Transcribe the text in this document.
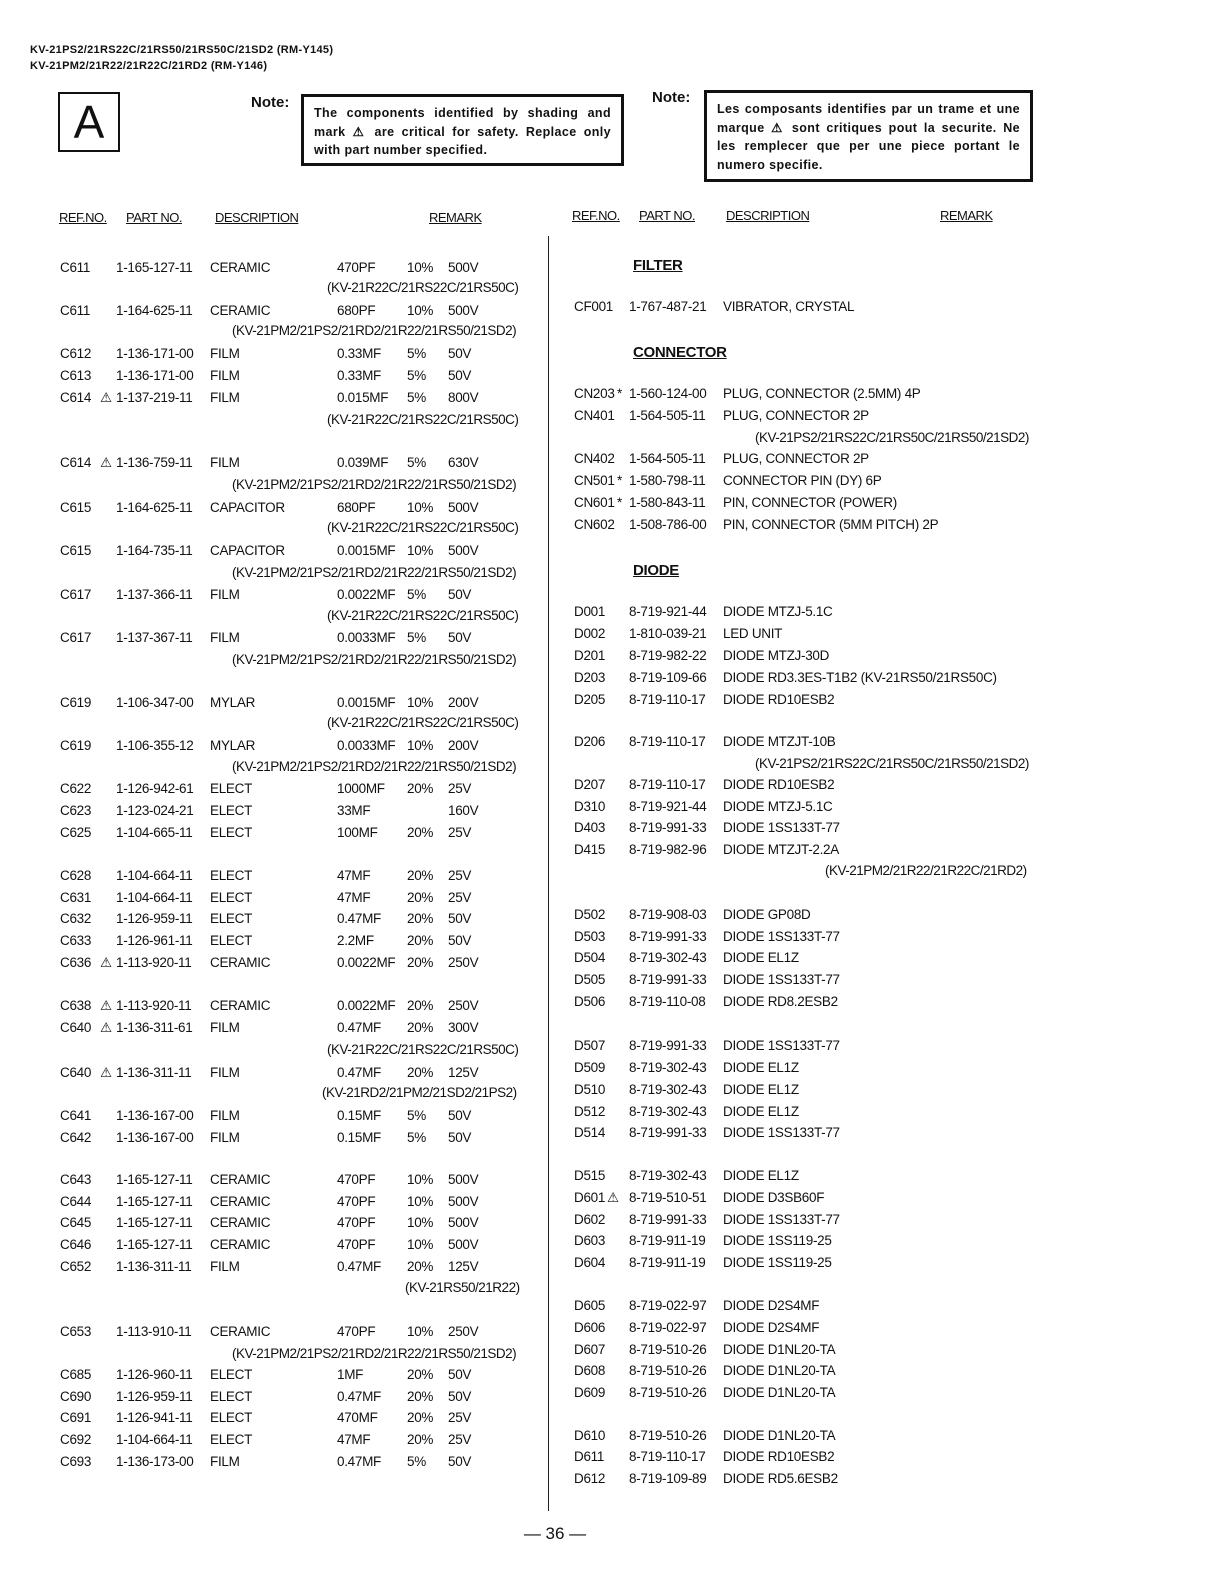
KV-21PS2/21RS22C/21RS50/21RS50C/21SD2 (RM-Y145)
KV-21PM2/21R22/21R22C/21RD2 (RM-Y146)
A	Note:
The components identified by shading and mark ⚠ are critical for safety. Replace only with part number specified.
Note:
Les composants identifies par un trame et une marque ⚠ sont critiques pout la securite. Ne les remplecer que per une piece portant le numero specifie.
REF.NO. PART NO.	DESCRIPTION	REMARK	REF.NO. PART NO. DESCRIPTION	REMARK
FILTER
CONNECTOR
DIODE
C611 1-165-127-11 CERAMIC	470PF 10% 500V
(KV-21R22C/21RS22C/21RS50C)
C611 1-164-625-11 CERAMIC	680PF 10% 500V
(KV-21PM2/21PS2/21RD2/21R22/21RS50/21SD2)
C612 1-136-171-00 FILM	0.33MF 5% 50V
C613 1-136-171-00 FILM	0.33MF 5% 50V
C614 ⚠ 1-137-219-11 FILM	0.015MF 5% 800V
(KV-21R22C/21RS22C/21RS50C)
C614 ⚠ 1-136-759-11 FILM	0.039MF 5% 630V
(KV-21PM2/21PS2/21RD2/21R22/21RS50/21SD2)
C615 1-164-625-11 CAPACITOR	680PF 10% 500V
(KV-21R22C/21RS22C/21RS50C)
C615 1-164-735-11 CAPACITOR	0.0015MF 10% 500V
(KV-21PM2/21PS2/21RD2/21R22/21RS50/21SD2)
C617 1-137-366-11 FILM	0.0022MF 5% 50V
(KV-21R22C/21RS22C/21RS50C)
C617 1-137-367-11 FILM	0.0033MF 5% 50V
(KV-21PM2/21PS2/21RD2/21R22/21RS50/21SD2)
C619 1-106-347-00 MYLAR	0.0015MF 10% 200V
(KV-21R22C/21RS22C/21RS50C)
C619 1-106-355-12 MYLAR	0.0033MF 10% 200V
(KV-21PM2/21PS2/21RD2/21R22/21RS50/21SD2)
C622 1-126-942-61 ELECT	1000MF 20% 25V
C623 1-123-024-21 ELECT	33MF	160V
C625 1-104-665-11 ELECT	100MF 20% 25V
C628 1-104-664-11 ELECT	47MF	20% 25V
C631 1-104-664-11 ELECT	47MF	20% 25V
C632 1-126-959-11 ELECT	0.47MF 20% 50V
C633 1-126-961-11 ELECT	2.2MF 20% 50V
C636 ⚠ 1-113-920-11 CERAMIC	0.0022MF 20% 250V
C638 ⚠ 1-113-920-11 CERAMIC	0.0022MF 20% 250V
C640 ⚠ 1-136-311-61 FILM	0.47MF 20% 300V
(KV-21R22C/21RS22C/21RS50C)
C640 ⚠ 1-136-311-11 FILM	0.47MF 20% 125V
(KV-21RD2/21PM2/21SD2/21PS2)
C641 1-136-167-00 FILM	0.15MF 5% 50V
C642 1-136-167-00 FILM	0.15MF 5% 50V
C643 1-165-127-11 CERAMIC	470PF 10% 500V
C644 1-165-127-11 CERAMIC	470PF 10% 500V
C645 1-165-127-11 CERAMIC	470PF 10% 500V
C646 1-165-127-11 CERAMIC	470PF 10% 500V
C652 1-136-311-11 FILM	0.47MF 20% 125V
(KV-21RS50/21R22)
C653 1-113-910-11 CERAMIC	470PF 10% 250V
(KV-21PM2/21PS2/21RD2/21R22/21RS50/21SD2)
C685 1-126-960-11 ELECT	1MF	20% 50V
C690 1-126-959-11 ELECT	0.47MF 20% 50V
C691 1-126-941-11 ELECT	470MF 20% 25V
C692 1-104-664-11 ELECT	47MF	20% 25V
C693 1-136-173-00 FILM	0.47MF 5% 50V
CF001 1-767-487-21 VIBRATOR, CRYSTAL
CN203 * 1-560-124-00 PLUG, CONNECTOR (2.5MM) 4P
CN401 1-564-505-11 PLUG, CONNECTOR 2P
(KV-21PS2/21RS22C/21RS50C/21RS50/21SD2)
CN402 1-564-505-11 PLUG, CONNECTOR 2P
CN501 * 1-580-798-11 CONNECTOR PIN (DY) 6P
CN601 * 1-580-843-11 PIN, CONNECTOR (POWER)
CN602 1-508-786-00 PIN, CONNECTOR (5MM PITCH) 2P
D001 8-719-921-44 DIODE MTZJ-5.1C
D002 1-810-039-21 LED UNIT
D201 8-719-982-22 DIODE MTZJ-30D
D203 8-719-109-66 DIODE RD3.3ES-T1B2 (KV-21RS50/21RS50C)
D205 8-719-110-17 DIODE RD10ESB2
D206 8-719-110-17 DIODE MTZJT-10B
(KV-21PS2/21RS22C/21RS50C/21RS50/21SD2)
D207 8-719-110-17 DIODE RD10ESB2
D310 8-719-921-44 DIODE MTZJ-5.1C
D403 8-719-991-33 DIODE 1SS133T-77
D415 8-719-982-96 DIODE MTZJT-2.2A
(KV-21PM2/21R22/21R22C/21RD2)
D502 8-719-908-03 DIODE GP08D
D503 8-719-991-33 DIODE 1SS133T-77
D504 8-719-302-43 DIODE EL1Z
D505 8-719-991-33 DIODE 1SS133T-77
D506 8-719-110-08 DIODE RD8.2ESB2
D507 8-719-991-33 DIODE 1SS133T-77
D509 8-719-302-43 DIODE EL1Z
D510 8-719-302-43 DIODE EL1Z
D512 8-719-302-43 DIODE EL1Z
D514 8-719-991-33 DIODE 1SS133T-77
D515 8-719-302-43 DIODE EL1Z
D601 ⚠ 8-719-510-51 DIODE D3SB60F
D602 8-719-991-33 DIODE 1SS133T-77
D603 8-719-911-19 DIODE 1SS119-25
D604 8-719-911-19 DIODE 1SS119-25
D605 8-719-022-97 DIODE D2S4MF
D606 8-719-022-97 DIODE D2S4MF
D607 8-719-510-26 DIODE D1NL20-TA
D608 8-719-510-26 DIODE D1NL20-TA
D609 8-719-510-26 DIODE D1NL20-TA
D610 8-719-510-26 DIODE D1NL20-TA
D611 8-719-110-17 DIODE RD10ESB2
D612 8-719-109-89 DIODE RD5.6ESB2
— 36 —
